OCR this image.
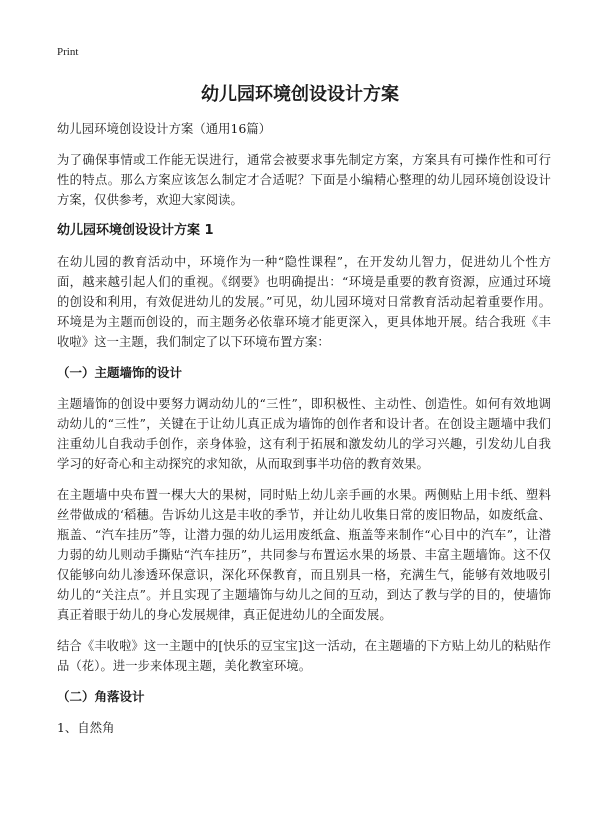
Print
幼儿园环境创设设计方案

幼儿园环境创设设计方案（通用16篇）

为了确保事情或工作能无误进行，通常会被要求事先制定方案，方案具有可操作性和可行性的特点。那么方案应该怎么制定才合适呢？下面是小编精心整理的幼儿园环境创设设计方案，仅供参考，欢迎大家阅读。

幼儿园环境创设设计方案 1

在幼儿园的教育活动中，环境作为一种“隐性课程”，在开发幼儿智力，促进幼儿个性方面，越来越引起人们的重视。《纲要》也明确提出：“环境是重要的教育资源，应通过环境的创设和利用，有效促进幼儿的发展。”可见，幼儿园环境对日常教育活动起着重要作用。环境是为主题而创设的，而主题务必依靠环境才能更深入，更具体地开展。结合我班《丰收啦》这一主题，我们制定了以下环境布置方案：

（一）主题墙饰的设计

主题墙饰的创设中要努力调动幼儿的“三性”，即积极性、主动性、创造性。如何有效地调动幼儿的“三性”，关键在于让幼儿真正成为墙饰的创作者和设计者。在创设主题墙中我们注重幼儿自我动手创作，亲身体验，这有利于拓展和激发幼儿的学习兴趣，引发幼儿自我学习的好奇心和主动探究的求知欲，从而取到事半功倍的教育效果。

在主题墙中央布置一棵大大的果树，同时贴上幼儿亲手画的水果。两侧贴上用卡纸、塑料丝带做成的‘稻穗。告诉幼儿这是丰收的季节，并让幼儿收集日常的废旧物品，如废纸盒、瓶盖、“汽车挂历”等，让潜力强的幼儿运用废纸盒、瓶盖等来制作“心目中的汽车”，让潜力弱的幼儿则动手撕贴“汽车挂历”，共同参与布置运水果的场景、丰富主题墙饰。这不仅仅能够向幼儿渗透环保意识，深化环保教育，而且别具一格，充满生气，能够有效地吸引幼儿的“关注点”。并且实现了主题墙饰与幼儿之间的互动，到达了教与学的目的，使墙饰真正着眼于幼儿的身心发展规律，真正促进幼儿的全面发展。

结合《丰收啦》这一主题中的[快乐的豆宝宝]这一活动，在主题墙的下方贴上幼儿的粘贴作品（花）。进一步来体现主题，美化教室环境。

（二）角落设计

1、自然角
